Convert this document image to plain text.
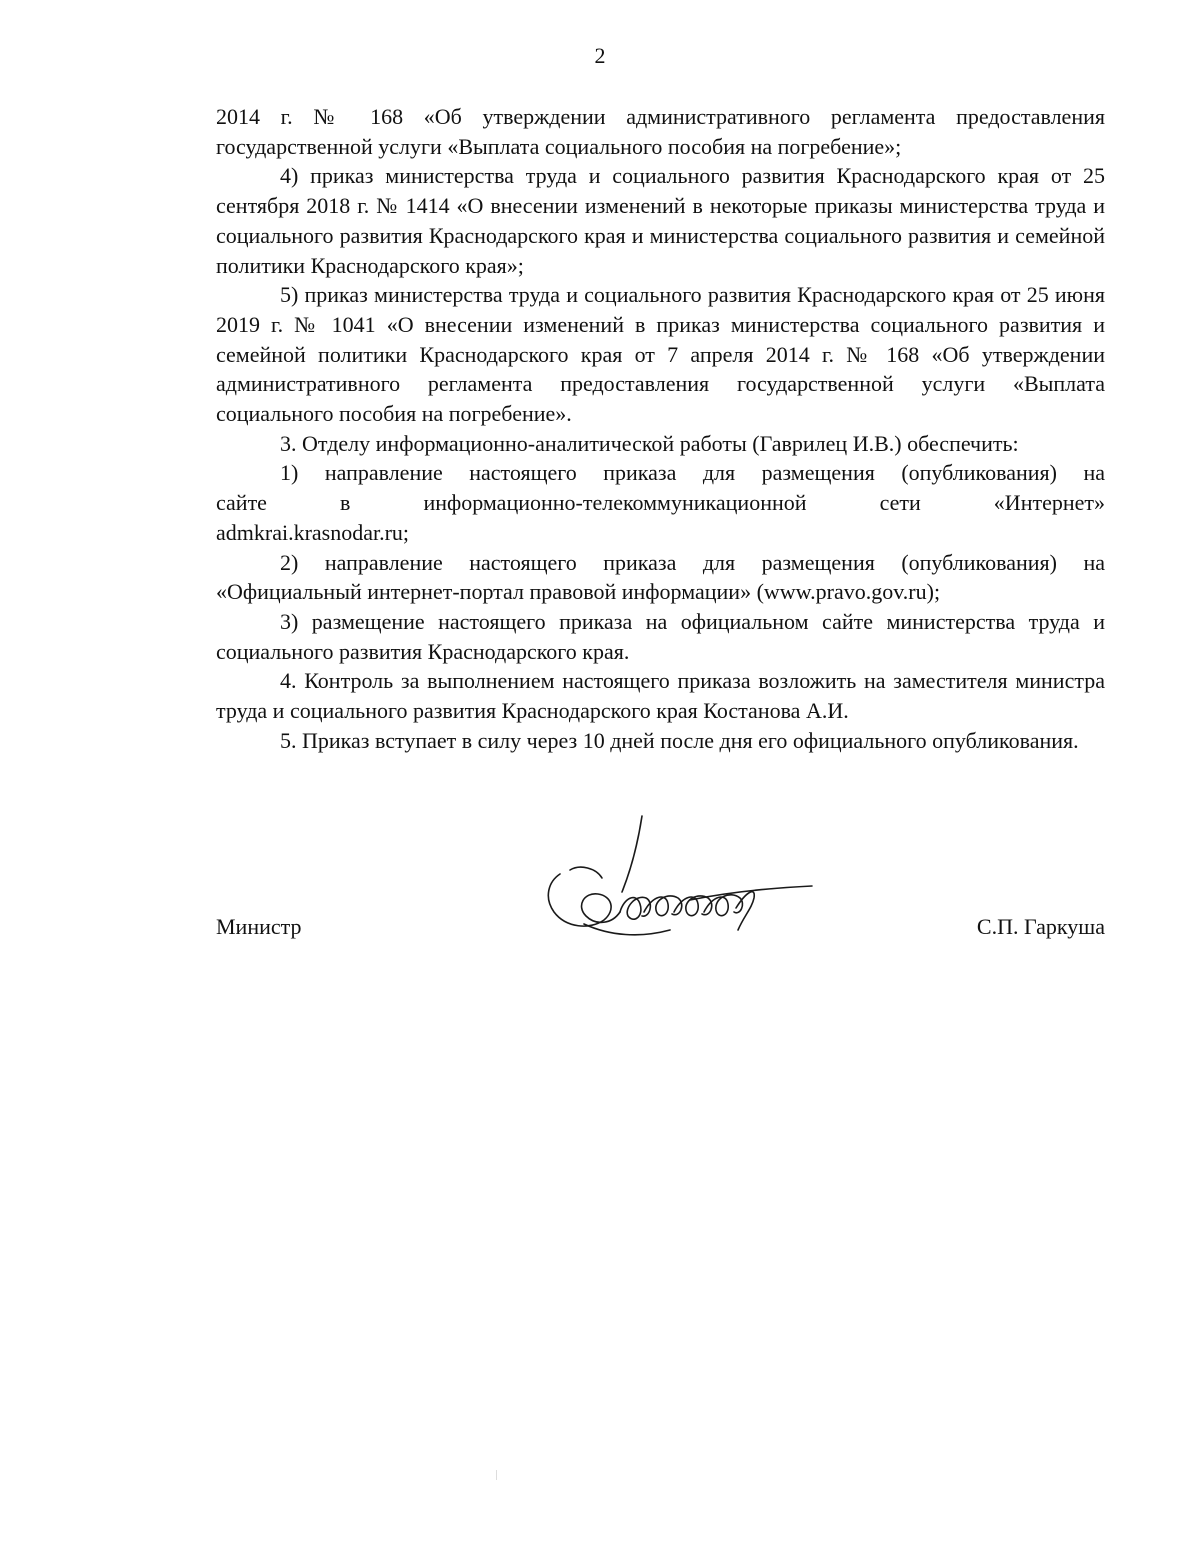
2

2014 г. № 168 «Об утверждении административного регламента предоставления государственной услуги «Выплата социального пособия на погребение»;

4) приказ министерства труда и социального развития Краснодарского края от 25 сентября 2018 г. № 1414 «О внесении изменений в некоторые приказы министерства труда и социального развития Краснодарского края и министерства социального развития и семейной политики Краснодарского края»;

5) приказ министерства труда и социального развития Краснодарского края от 25 июня 2019 г. № 1041 «О внесении изменений в приказ министерства социального развития и семейной политики Краснодарского края от 7 апреля 2014 г. № 168 «Об утверждении административного регламента предоставления государственной услуги «Выплата социального пособия на погребение».

3. Отделу информационно-аналитической работы (Гаврилец И.В.) обеспечить:

1) направление настоящего приказа для размещения (опубликования) на
сайте в информационно-телекоммуникационной сети «Интернет»
admkrai.krasnodar.ru;

2) направление настоящего приказа для размещения (опубликования) на «Официальный интернет-портал правовой информации» (www.pravo.gov.ru);

3) размещение настоящего приказа на официальном сайте министерства труда и социального развития Краснодарского края.

4. Контроль за выполнением настоящего приказа возложить на заместителя министра труда и социального развития Краснодарского края Костанова А.И.

5. Приказ вступает в силу через 10 дней после дня его официального опубликования.

Министр	С.П. Гаркуша
